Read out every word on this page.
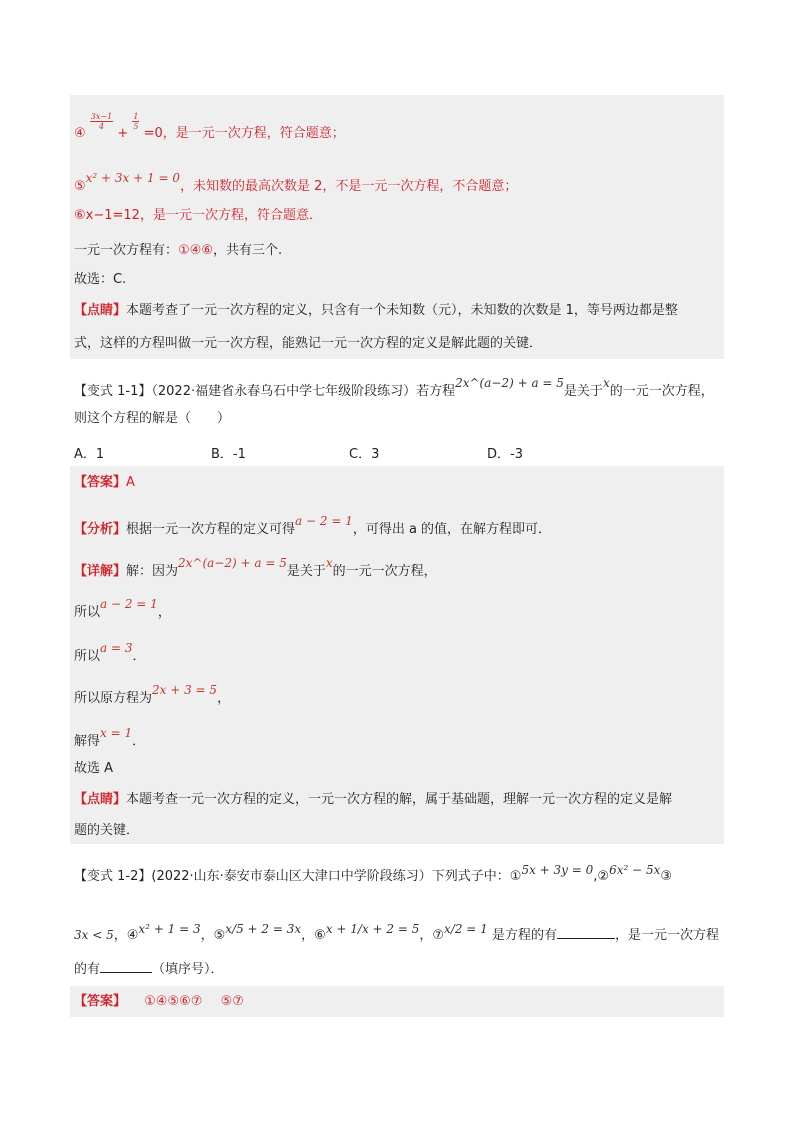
④
$\frac{3x-1}{4}$ +
$\frac{1}{5} =0$，是一元一次方程，符合题意；
⑤x² + 3x + 1 = 0，未知数的最高次数是 2，不是一元一次方程，不合题意；
⑥x−1=12，是一元一次方程，符合题意．
一元一次方程有：①④⑥，共有三个.
故选：C.
【点睛】本题考查了一元一次方程的定义，只含有一个未知数（元），未知数的次数是 1，等号两边都是整
式，这样的方程叫做一元一次方程，能熟记一元一次方程的定义是解此题的关键．
【变式 1-1】（2022·福建省永春乌石中学七年级阶段练习）若方程2x^(a−2) + a = 5是关于x的一元一次方程，
则这个方程的解是（　　）
A．1	B．-1	C．3	D．-3
【答案】A
【分析】根据一元一次方程的定义可得a − 2 = 1，可得出 a 的值，在解方程即可．
【详解】解：因为2x^(a−2) + a = 5是关于x的一元一次方程，
所以a − 2 = 1，
所以a = 3．
所以原方程为2x + 3 = 5，
解得x = 1．
故选 A
【点睛】本题考查一元一次方程的定义，一元一次方程的解，属于基础题，理解一元一次方程的定义是解
题的关键．
【变式 1-2】(2022·山东·泰安市泰山区大津口中学阶段练习）下列式子中：①5x + 3y = 0,②6x² − 5x③
3x < 5，④x² + 1 = 3，⑤x/5 + 2 = 3x，⑥x + 1/x + 2 = 5，⑦x/2 = 1 是方程的有	，是一元一次方程
的有	（填序号）．
【答案】 ①④⑤⑥⑦ ⑤⑦
